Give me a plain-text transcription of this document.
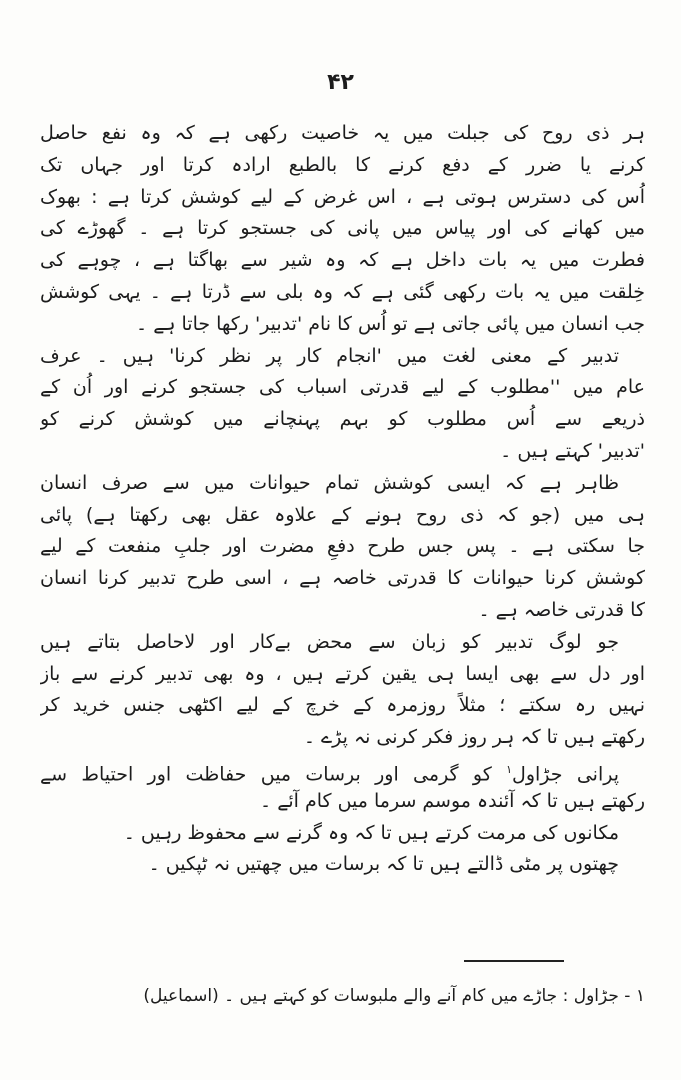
۴۲
ہر ذی روح کی جبلت میں یہ خاصیت رکھی ہے کہ وہ نفع حاصل
کرنے یا ضرر کے دفع کرنے کا بالطبع ارادہ کرتا اور جہاں تک
اُس کی دسترس ہوتی ہے ، اس غرض کے لیے کوشش کرتا ہے : بھوک
میں کھانے کی اور پیاس میں پانی کی جستجو کرتا ہے ۔ گھوڑے کی
فطرت میں یہ بات داخل ہے کہ وہ شیر سے بھاگتا ہے ، چوہے کی
خِلقت میں یہ بات رکھی گئی ہے کہ وہ بلی سے ڈرتا ہے ۔ یہی کوشش
جب انسان میں پائی جاتی ہے تو اُس کا نام 'تدبیر' رکھا جاتا ہے ۔
تدبیر کے معنی لغت میں 'انجام کار پر نظر کرنا' ہیں ۔ عرف
عام میں ''مطلوب کے لیے قدرتی اسباب کی جستجو کرنے اور اُن کے
ذریعے سے اُس مطلوب کو بہم پہنچانے میں کوشش کرنے کو
'تدبیر' کہتے ہیں ۔
ظاہر ہے کہ ایسی کوشش تمام حیوانات میں سے صرف انسان
ہی میں (جو کہ ذی روح ہونے کے علاوہ عقل بھی رکھتا ہے) پائی
جا سکتی ہے ۔ پس جس طرح دفعِ مضرت اور جلبِ منفعت کے لیے
کوشش کرنا حیوانات کا قدرتی خاصہ ہے ، اسی طرح تدبیر کرنا انسان
کا قدرتی خاصہ ہے ۔
جو لوگ تدبیر کو زبان سے محض بےکار اور لاحاصل بتاتے ہیں
اور دل سے بھی ایسا ہی یقین کرتے ہیں ، وہ بھی تدبیر کرنے سے باز
نہیں رہ سکتے ؛ مثلاً روزمرہ کے خرچ کے لیے اکٹھی جنس خرید کر
رکھتے ہیں تا کہ ہر روز فکر کرنی نہ پڑے ۔
پرانی جڑاول$^۱$ کو گرمی اور برسات میں حفاظت اور احتیاط سے
رکھتے ہیں تا کہ آئندہ موسم سرما میں کام آئے ۔
مکانوں کی مرمت کرتے ہیں تا کہ وہ گرنے سے محفوظ رہیں ۔
چھتوں پر مٹی ڈالتے ہیں تا کہ برسات میں چھتیں نہ ٹپکیں ۔
۱ - جڑاول : جاڑے میں کام آنے والے ملبوسات کو کہتے ہیں ۔ (اسماعیل)
